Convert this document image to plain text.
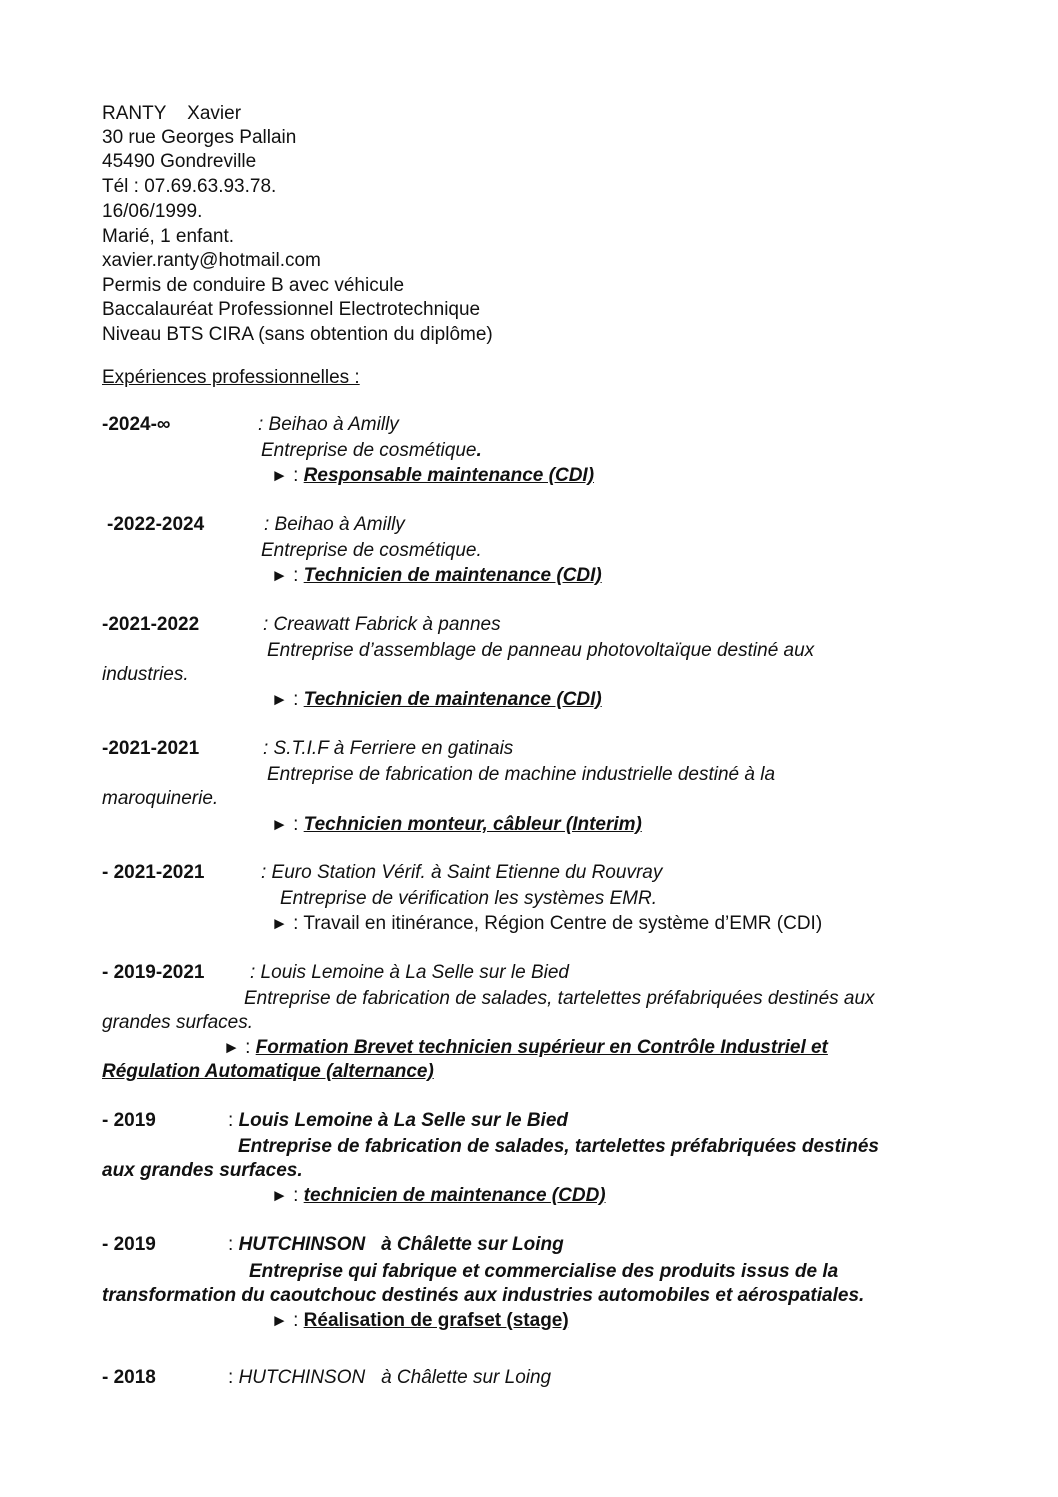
RANTY    Xavier
30 rue Georges Pallain
45490 Gondreville
Tél : 07.69.63.93.78.
16/06/1999.
Marié, 1 enfant.
xavier.ranty@hotmail.com
Permis de conduire B avec véhicule
Baccalauréat Professionnel Electrotechnique
Niveau BTS CIRA (sans obtention du diplôme)
Expériences professionnelles :
-2024-∞	: Beihao à Amilly
Entreprise de cosmétique.
► : Responsable maintenance (CDI)
-2022-2024	: Beihao à Amilly
Entreprise de cosmétique.
► : Technicien de maintenance (CDI)
-2021-2022	: Creawatt Fabrick à pannes
Entreprise d’assemblage de panneau photovoltaïque destiné aux
industries.
► : Technicien de maintenance (CDI)
-2021-2021	: S.T.I.F à Ferriere en gatinais
Entreprise de fabrication de machine industrielle destiné à la
maroquinerie.
► : Technicien monteur, câbleur (Interim)
- 2021-2021	: Euro Station Vérif. à Saint Etienne du Rouvray
Entreprise de vérification les systèmes EMR.
► : Travail en itinérance, Région Centre de système d’EMR (CDI)
- 2019-2021 : Louis Lemoine à La Selle sur le Bied
Entreprise de fabrication de salades, tartelettes préfabriquées destinés aux
grandes surfaces.
► : Formation Brevet technicien supérieur en Contrôle Industriel et
Régulation Automatique (alternance)
- 2019	: Louis Lemoine à La Selle sur le Bied
Entreprise de fabrication de salades, tartelettes préfabriquées destinés
aux grandes surfaces.
► : technicien de maintenance (CDD)
- 2019	: HUTCHINSON   à Châlette sur Loing
Entreprise qui fabrique et commercialise des produits issus de la
transformation du caoutchouc destinés aux industries automobiles et aérospatiales.
► : Réalisation de grafset (stage)
- 2018	: HUTCHINSON   à Châlette sur Loing
